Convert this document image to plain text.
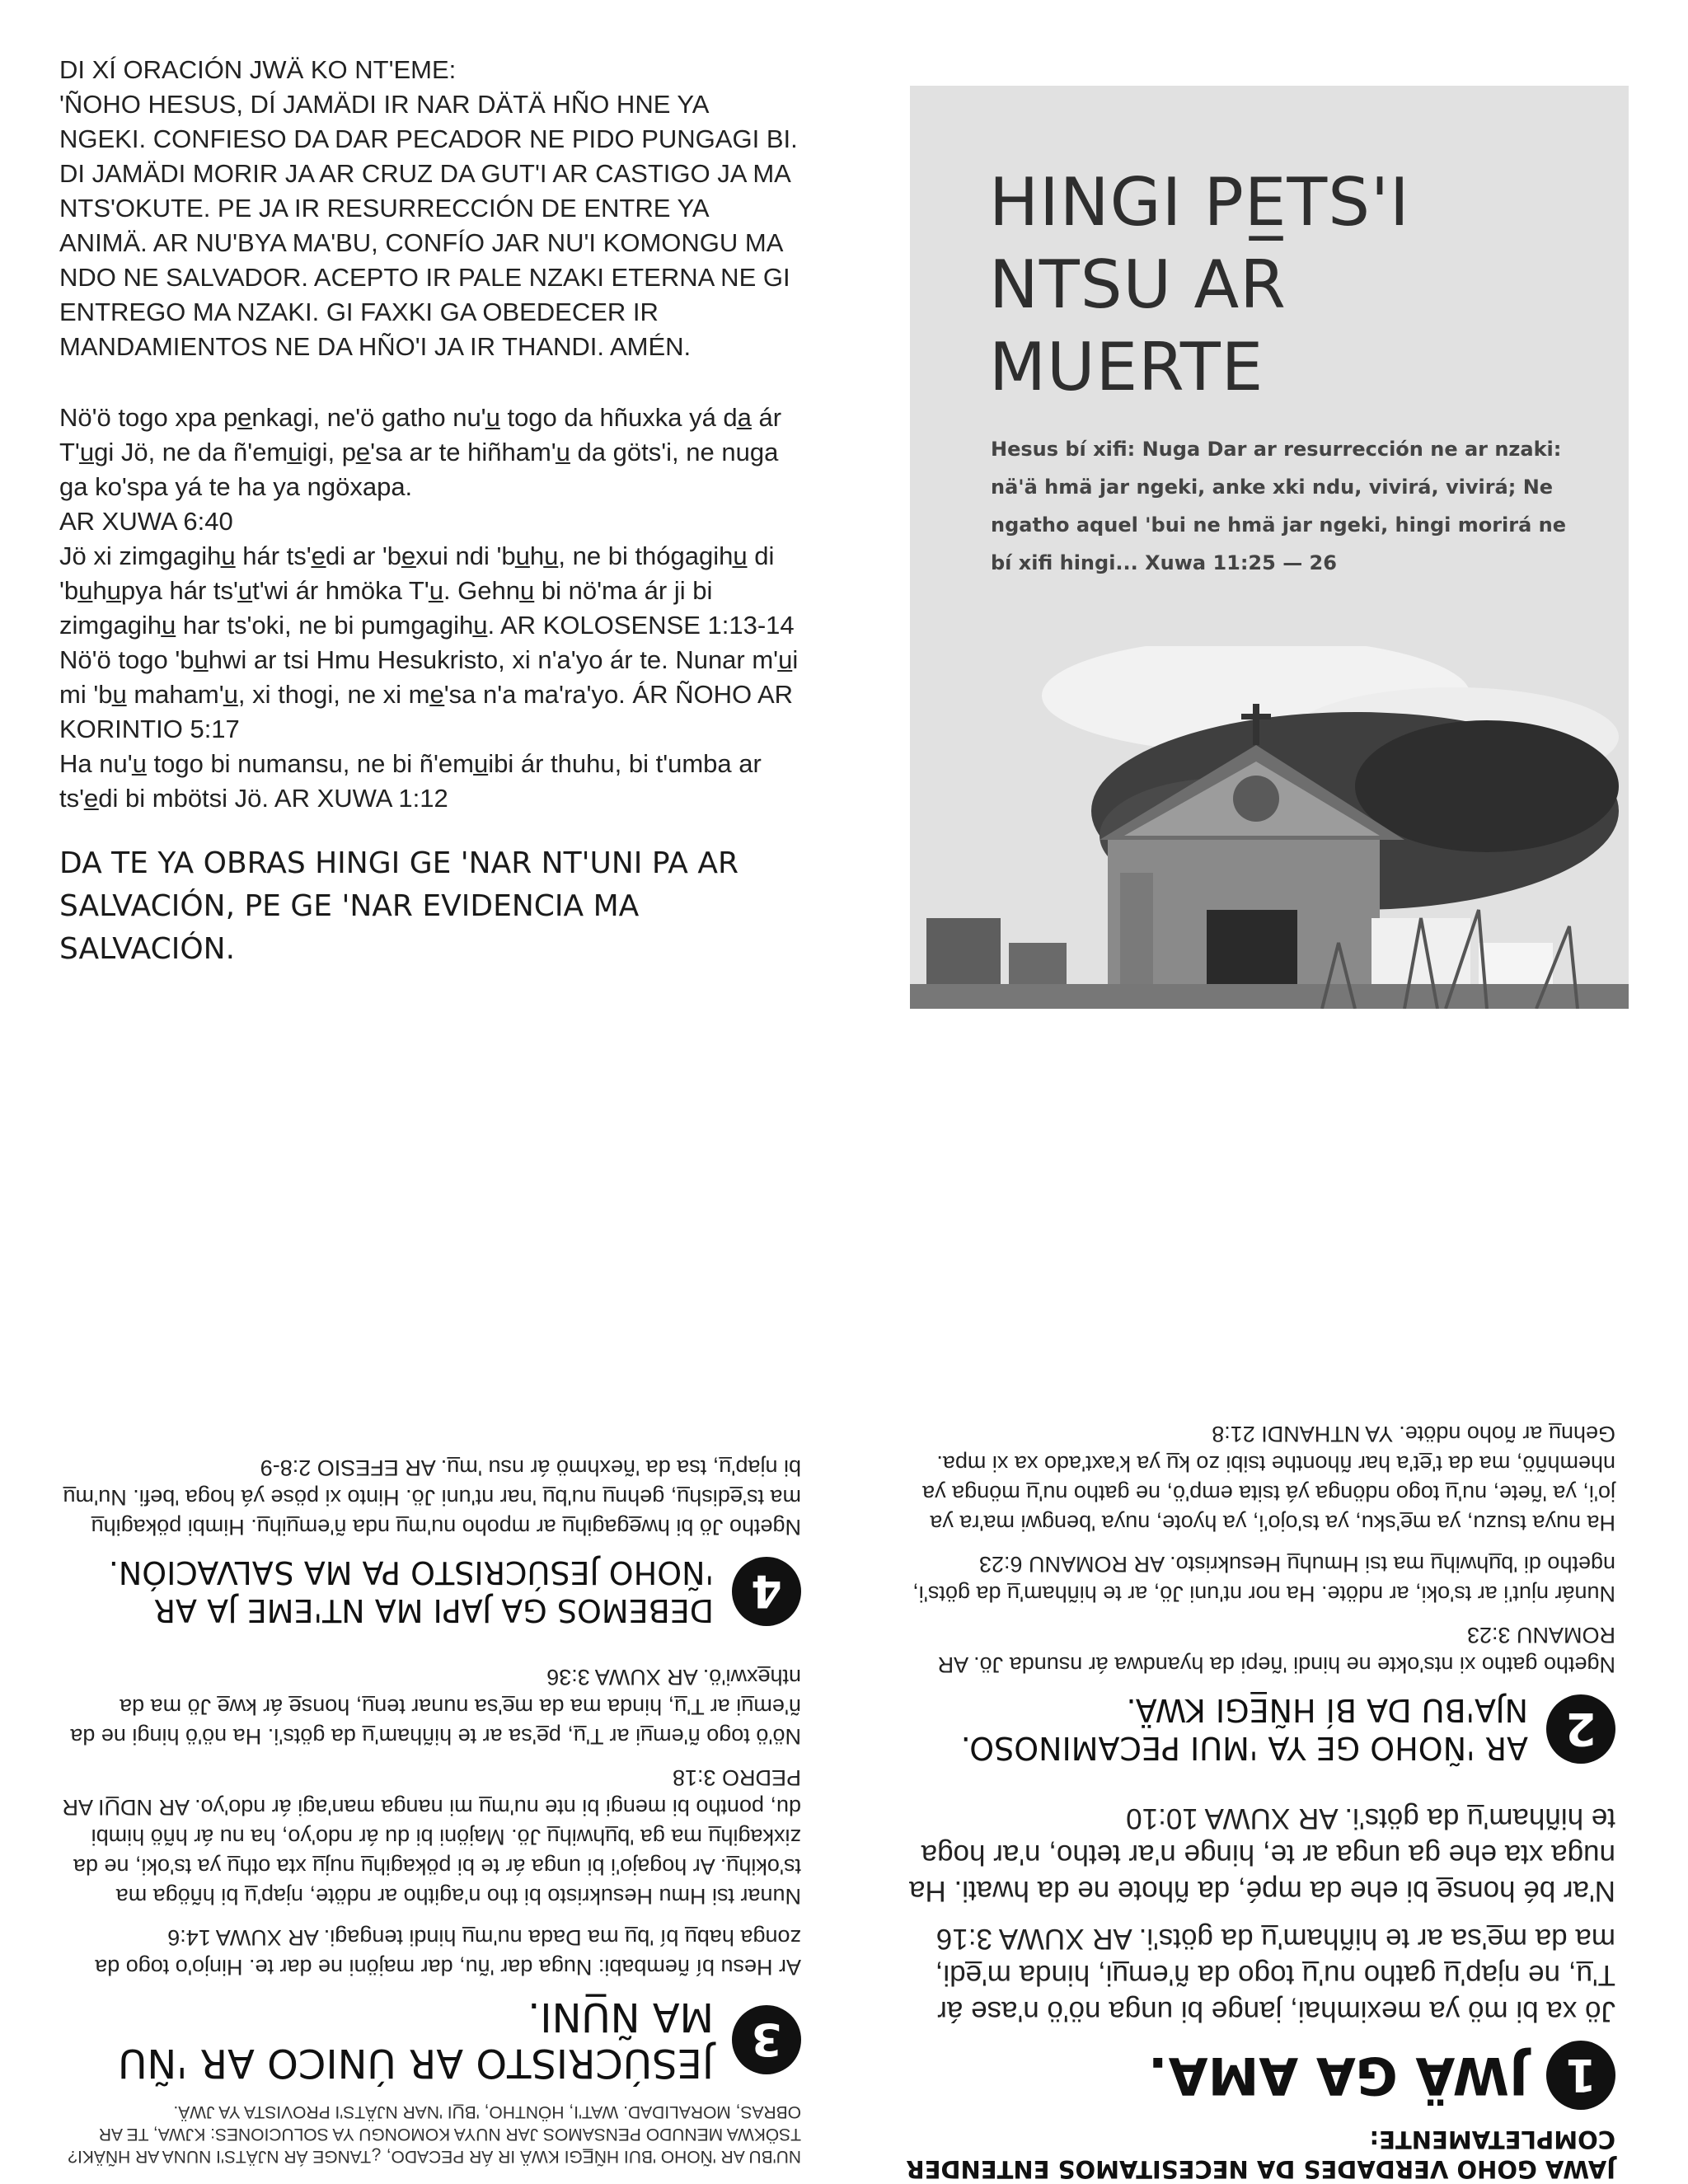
DI XÍ ORACIÓN JWÄ KO NT'EME:
'ÑOHO HESUS, DÍ JAMÄDI IR NAR DÄTÄ HÑO HNE YA NGEKI. CONFIESO DA DAR PECADOR NE PIDO PUNGAGI BI. DI JAMÄDI MORIR JA AR CRUZ DA GUT'I AR CASTIGO JA MA NTS'OKUTE. PE JA IR RESURRECCIÓN DE ENTRE YA ANIMÄ. AR NU'BYA MA'BU, CONFÍO JAR NU'I KOMONGU MA NDO NE SALVADOR. ACEPTO IR PALE NZAKI ETERNA NE GI ENTREGO MA NZAKI. GI FAXKI GA OBEDECER IR MANDAMIENTOS NE DA HÑO'I JA IR THANDI. AMÉN.

Nö'ö togo xpa pe̲nkagi, ne'ö gatho nu'u̲ togo da hñuxka yá da̲ ár T'u̲gi Jö, ne da ñ'emu̲igi, pe̲'sa ar te hiñham'u̲ da göts'i, ne nuga ga ko'spa yá te ha ya ngöxapa.

AR XUWA 6:40

Jö xi zimgagihu̲ hár ts'e̲di ar 'be̲xui ndi 'bu̲hu̲, ne bi thógagihu̲ di 'bu̲hu̲pya hár ts'u̲t'wi ár hmöka T'u̲. Gehnu̲ bi nö'ma ár ji bi zimgagihu̲ har ts'oki, ne bi pumgagihu̲. AR KOLOSENSE 1:13-14

Nö'ö togo 'bu̲hwi ar tsi Hmu Hesukristo, xi n'a'yo ár te. Nunar m'u̲i mi 'bu̲ maham'u̲, xi thogi, ne xi me̲'sa n'a ma'ra'yo. ÁR ÑOHO AR KORINTIO 5:17

Ha nu'u̲ togo bi numansu, ne bi ñ'emu̲ibi ár thuhu, bi t'umba ar ts'e̲di bi mbötsi Jö. AR XUWA 1:12

DA TE YA OBRAS HINGI GE 'NAR NT'UNI PA AR SALVACIÓN, PE GE 'NAR EVIDENCIA MA SALVACIÓN.

HINGI PE̲TS'I NTSU AR MUERTE
Hesus bí xifi: Nuga Dar ar resurrección ne ar nzaki: nä'ä hmä jar ngeki, anke xki ndu, vivirá, vivirá; Ne ngatho aquel 'bui ne hmä jar ngeki, hingi morirá ne bí xifi hingi... Xuwa 11:25 — 26
JAWA GOHO VERDADES DA NECESITAMOS ENTENDER COMPLETAMENTE:
1
JWÄ GA AMA.

Jö xa bi mö ya meximhai, jange bi unga nö'ö n'ase ár T'u̲, ne njap'u̲ gatho nu'u̲ togo da ñ'emu̲i, hinda m'e̲di, ma da me̲'sa ar te hiñham'u̲ da göts'i. AR XUWA 3:16

N'ar bé honse̲ bi ehe da mpé, da ñhote ne da hwati. Ha nuga xta ehe ga unga ar te, hinge n'ar tetho, n'ar hoga te hiñham'u̲ da göts'i. AR XUWA 10:10

2
AR 'ÑOHO GE YA 'MUI PECAMINOSO. NJA'BU DA BÍ HÑE̲GI KWÄ.

Ngetho gatho xi nts'okte ne hindi 'ñepi da hyandwa ár nsunda Jö. AR ROMANU 3:23

Nunár njut'i ar ts'oki, ar ndöte. Ha nor nt'uni Jö, ar te hiñham'u̲ da göts'i, ngetho di 'bu̲hwihu̲ ma tsi Hmuhu̲ Hesukristo. AR ROMANU 6:23

Ha nuya tsuzu, ya me̲'sku, ya ts'ojo'i, ya hyote, nuya 'bengwi ma'ra ya jo'i, ya 'ñete, nu'u̲ togo ndönga yá tsita emp'ö, ne gatho nu'u̲ mönga ya nhemhñö, ma da t'e̲t'a har ñhonthe tsibi zo ku̲ ya k'axt'ado xa xi mpa. Gehnu̲ ar ñoho ndöte. YA NTHANDI 21:8

NU'BU AR 'ÑOHO 'BUI HÑE̲GI KWÄ IR ÁR PECADO, ¿TANGE ÁR NJÄTS'I NUNA AR HÑÄKI? TSÖKWA MENUDO PENSAMOS JAR NUYA KOMONGU YA SOLUCIONES: KJWA, TE AR OBRAS, MORALIDAD. WAT'I, HÖNTHO, 'BU̲I 'NAR NJÄTS'I PROVISTA YA JWÄ.
3
JESÚCRISTO AR ÚNICO AR 'ÑU MA ÑU̲NI.

Ar Hesu bí ñembabi: Nuga dar 'ñu, dar majöni ne dar te. Hinjo'o togo da zonga habu̲ bí 'bu̲ ma Dada nu'mu̲ hindi tengagi. AR XUWA 14:6

Nunar tsi Hmu Hesukristo bi tho n'agitho ar ndöte, njap'u̲ bi hñöga ma ts'okihu̲. Ar hogajo'i bi unga ár te bi pökagihu̲ nuju̲ xta othu̲ ya ts'oki, ne da zixkagihu̲ ma ga 'bu̲hwihu̲ Jö. Majöni bi du ár ndo'yo, ha nu ár hñö himbi du, pontho bi mengi bi nte nu'mu̲ mi nanga man'agi ár ndo'yo. AR NDU̲I AR PEDRO 3:18

Nö'ö togo ñ'emu̲i ar T'u̲, pe̲'sa ar te hiñham'u̲ da göts'i. Ha nö'ö hingi ne da ñ'emu̲i ar T'u̲, hinda ma da me̲'sa nunar tenu̲, honse̲ ár kwe̲ Jö ma da nthe̲xwi'ö. AR XUWA 3:36

4
DEBEMOS GA JAPI MA NT'EME JA AR 'ÑOHO JESÚCRISTO PA MA SALVACIÓN.

Ngetho Jö bi hwe̲gagihu̲ ar mpoho nu'mu̲ nda ñ'emu̲ihu̲. Himbi pökagihu̲ ma ts'e̲dishu̲, gehnu̲ nu'bu̲ 'nar nt'uni Jö. Hinto xi pöse yá hoga 'befi. Nu'mu̲ bi njap'u̲, tsa da 'ñexhmö ár nsu 'mu̲. AR EFESIO 2:8-9
